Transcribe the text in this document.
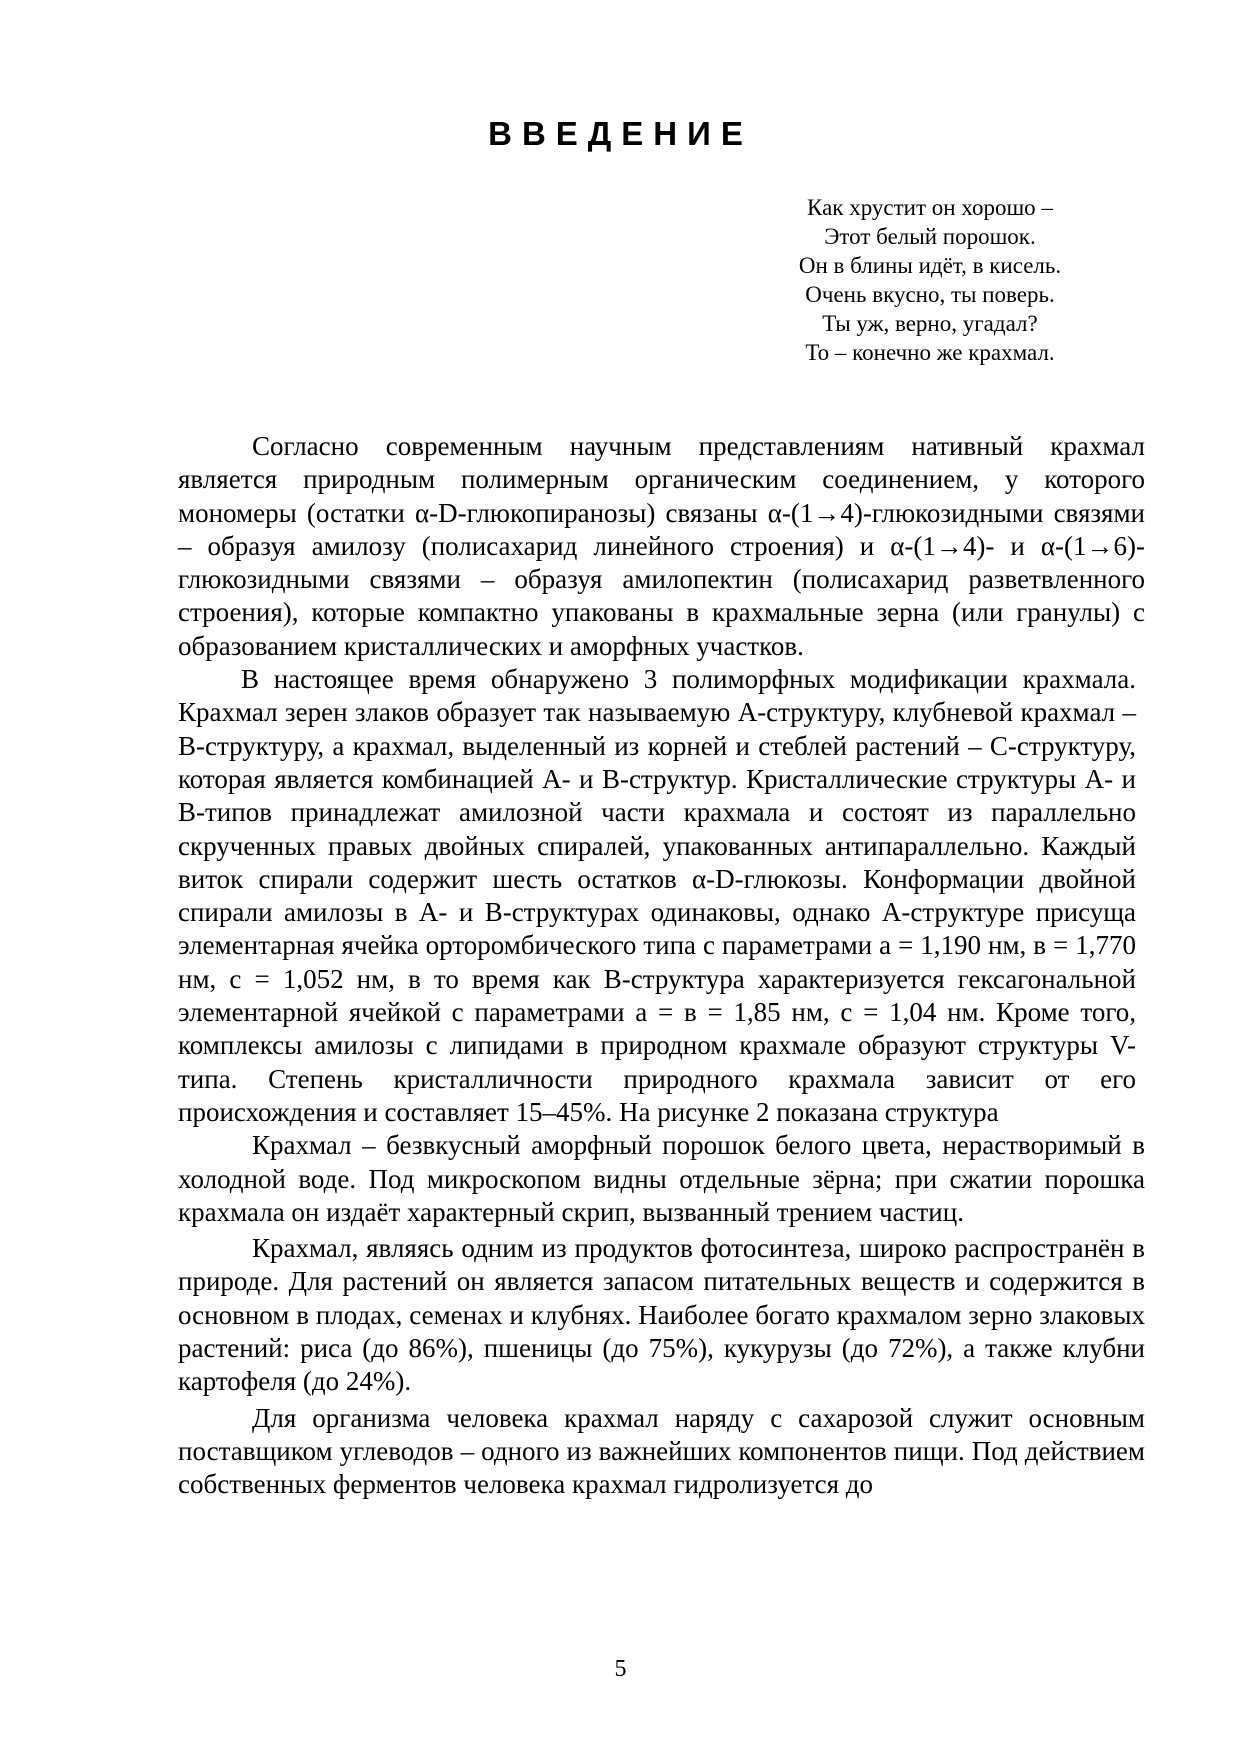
ВВЕДЕНИЕ
Как хрустит он хорошо –
Этот белый порошок.
Он в блины идёт, в кисель.
Очень вкусно, ты поверь.
Ты уж, верно, угадал?
То – конечно же крахмал.

Согласно современным научным представлениям нативный крахмал является природным полимерным органическим соединением, у которого мономеры (остатки α-D-глюкопиранозы) связаны α-(1→4)-глюкозидными связями – образуя амилозу (полисахарид линейного строения) и α-(1→4)- и α-(1→6)-глюкозидными связями – образуя амилопектин (полисахарид разветвленного строения), которые компактно упакованы в крахмальные зерна (или гранулы) с образованием кристаллических и аморфных участков.

В настоящее время обнаружено 3 полиморфных модификации крахмала. Крахмал зерен злаков образует так называемую А-структуру, клубневой крахмал – В-структуру, а крахмал, выделенный из корней и стеблей растений – С-структуру, которая является комбинацией А- и В-структур. Кристаллические структуры А- и В-типов принадлежат амилозной части крахмала и состоят из параллельно скрученных правых двойных спиралей, упакованных антипараллельно. Каждый виток спирали содержит шесть остатков α-D-глюкозы. Конформации двойной спирали амилозы в А- и В-структурах одинаковы, однако А-структуре присуща элементарная ячейка орторомбического типа с параметрами а = 1,190 нм, в = 1,770 нм, с = 1,052 нм, в то время как В-структура характеризуется гексагональной элементарной ячейкой с параметрами а = в = 1,85 нм, с = 1,04 нм. Кроме того, комплексы амилозы с липидами в природном крахмале образуют структуры V-типа. Степень кристалличности природного крахмала зависит от его происхождения и составляет 15–45%. На рисунке 2 показана структура

Крахмал – безвкусный аморфный порошок белого цвета, нерастворимый в холодной воде. Под микроскопом видны отдельные зёрна; при сжатии порошка крахмала он издаёт характерный скрип, вызванный трением частиц.

Крахмал, являясь одним из продуктов фотосинтеза, широко распространён в природе. Для растений он является запасом питательных веществ и содержится в основном в плодах, семенах и клубнях. Наиболее богато крахмалом зерно злаковых растений: риса (до 86%), пшеницы (до 75%), кукурузы (до 72%), а также клубни картофеля (до 24%).

Для организма человека крахмал наряду с сахарозой служит основным поставщиком углеводов – одного из важнейших компонентов пищи. Под действием собственных ферментов человека крахмал гидролизуется до

5
